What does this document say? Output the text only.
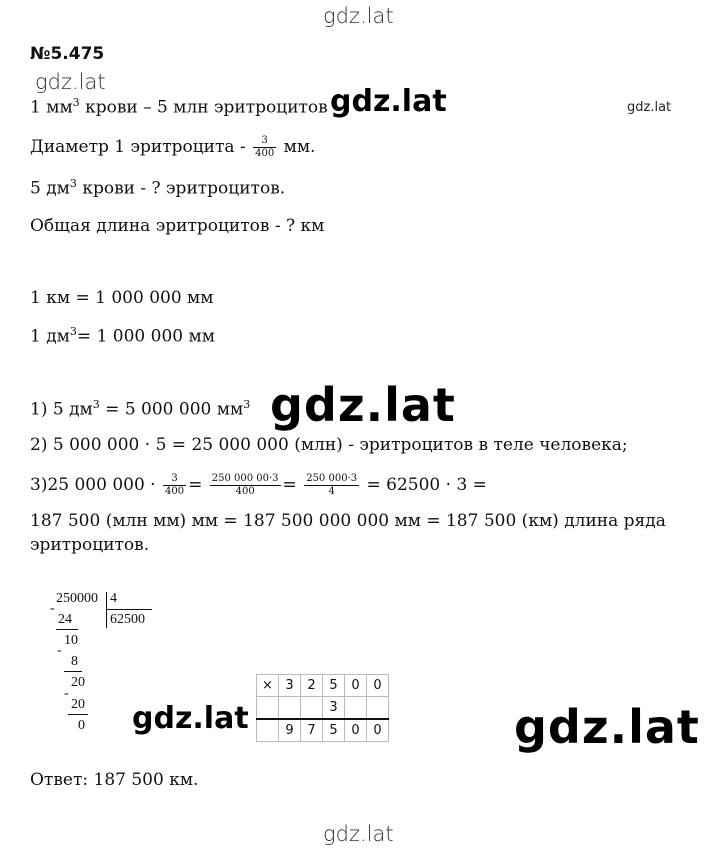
gdz.lat
gdz.lat
gdz.lat	gdz.lat
gdz.lat
gdz.lat	gdz.lat
gdz.lat
№5.475
1 $мм^3$ крови – 5 млн эритроцитов
Диаметр 1 эритроцита - $\frac{3}{400}$ мм.
5 $дм^3$ крови - ? эритроцитов.
Общая длина эритроцитов - ? км
1 км = 1 000 000 мм
1 $дм^3= 1$ 000 000 мм
1) 5 $дм^3 = 5$ 000 000 $мм^3$
2) 5 000 000 · 5 = 25 000 000 (млн) - эритроцитов в теле человека;
3)25 000 $000 \cdot \frac{3}{400} = \frac{250 000 00\cdot 3}{400} = \frac{250 000\cdot 3}{4} = 62500 \cdot 3$ =
187 500 (млн мм) мм = 187 500 000 000 мм = 187 500 (км) длина ряда
эритроцитов.
250000 4
62500
-
24
10
-
8
20
-
20
0
×	3	2	5	0	0
			3		
	9	7	5	0	0
Ответ: 187 500 км.
